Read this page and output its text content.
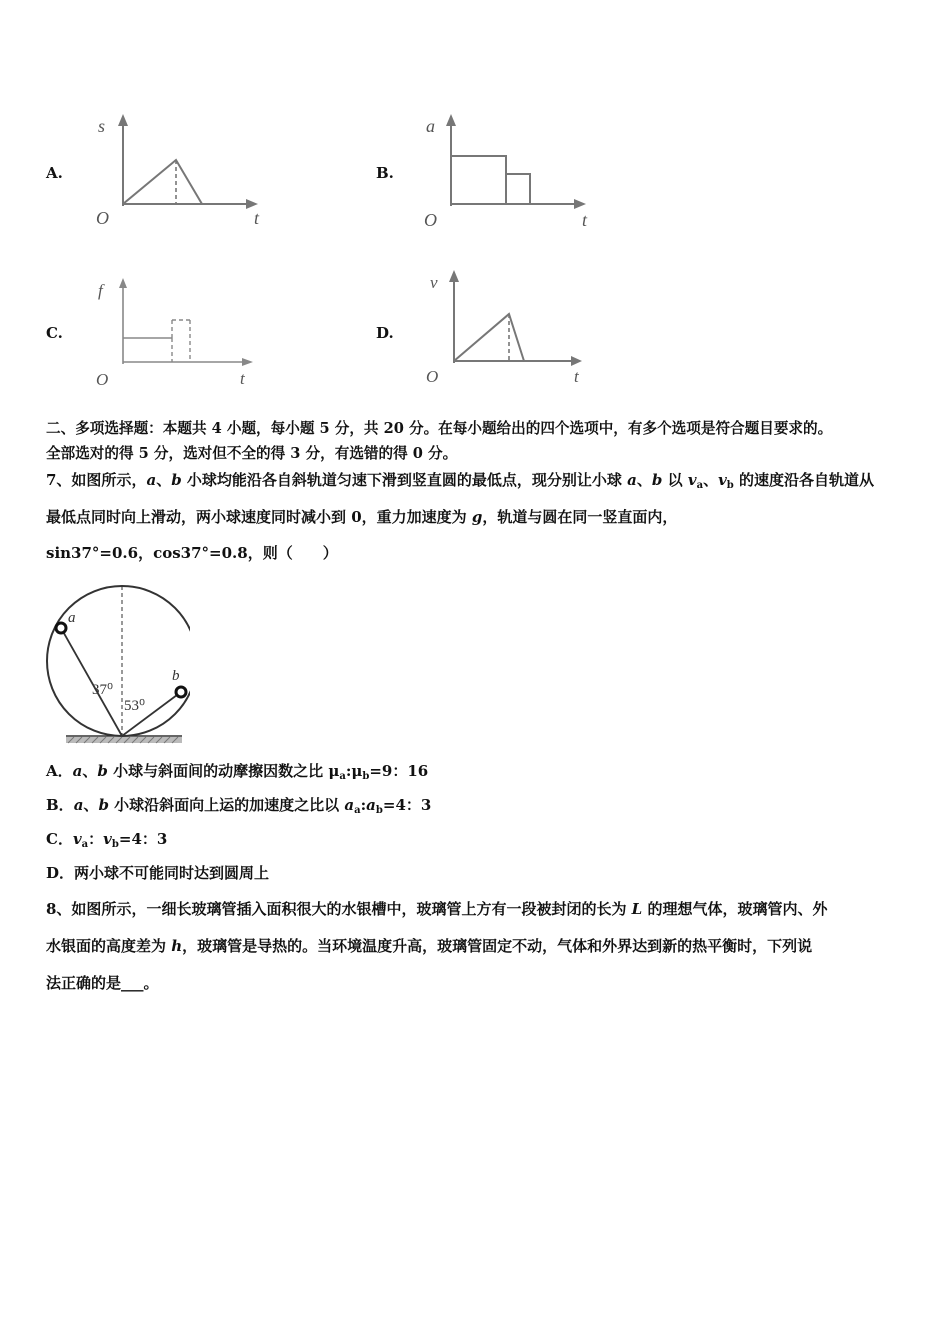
A.
s
O	t
B.
a
O	t
C.
f
O	t
D.
v
O	t
二、多项选择题：本题共 4 小题，每小题 5 分，共 20 分。在每小题给出的四个选项中，有多个选项是符合题目要求的。
全部选对的得 5 分，选对但不全的得 3 分，有选错的得 0 分。
7、如图所示，a、b 小球均能沿各自斜轨道匀速下滑到竖直圆的最低点，现分别让小球 a、b 以 $v_a$、$v_b$ 的速度沿各自轨道从
最低点同时向上滑动，两小球速度同时减小到 0，重力加速度为 g，轨道与圆在同一竖直面内，
sin37°=0.6，cos37°=0.8，则（　　）
a
b
37⁰
53⁰
A．a、b 小球与斜面间的动摩擦因数之比 $\mu_a:\mu_b=9$：16
B．a、b 小球沿斜面向上运的加速度之比以 $a_a:a_b=4$：3
C．$v_a$：$v_b=4$：3
D．两小球不可能同时达到圆周上
8、如图所示，一细长玻璃管插入面积很大的水银槽中，玻璃管上方有一段被封闭的长为 L 的理想气体，玻璃管内、外
水银面的高度差为 h，玻璃管是导热的。当环境温度升高，玻璃管固定不动，气体和外界达到新的热平衡时，下列说
法正确的是___。
